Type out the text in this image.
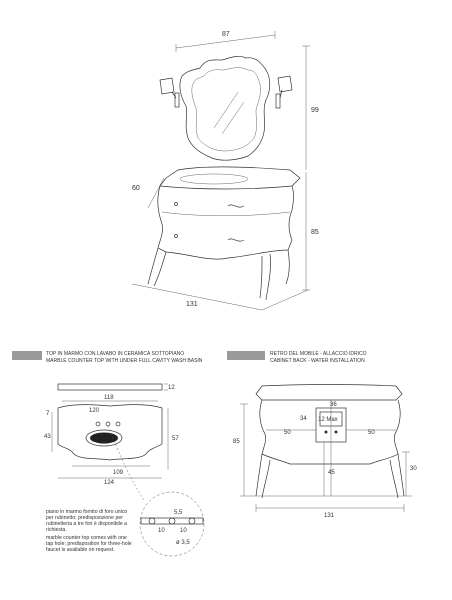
87
99
60
85
131
TOP IN MARMO CON LAVABO IN CERAMICA SOTTOPIANO
MARBLE COUNTER TOP WITH UNDER FULL CAVITY WASH BASIN
RETRO DEL MOBILE - ALLACCIO IDRICO
CABINET BACK - WATER INSTALLATION
12
118
120
7
43	57
109
124
5,5
10	10
ø 3,5
piano in marmo fornito di foro unico
per rubinetto; predisposizione per
rubinetteria a tre fori è disponibile a
richiesta.
marble counter top comes with one
tap hole; predisposition for three-hole
faucet is available on request.
36
34 12 Max
50	50
85
45
30
131
